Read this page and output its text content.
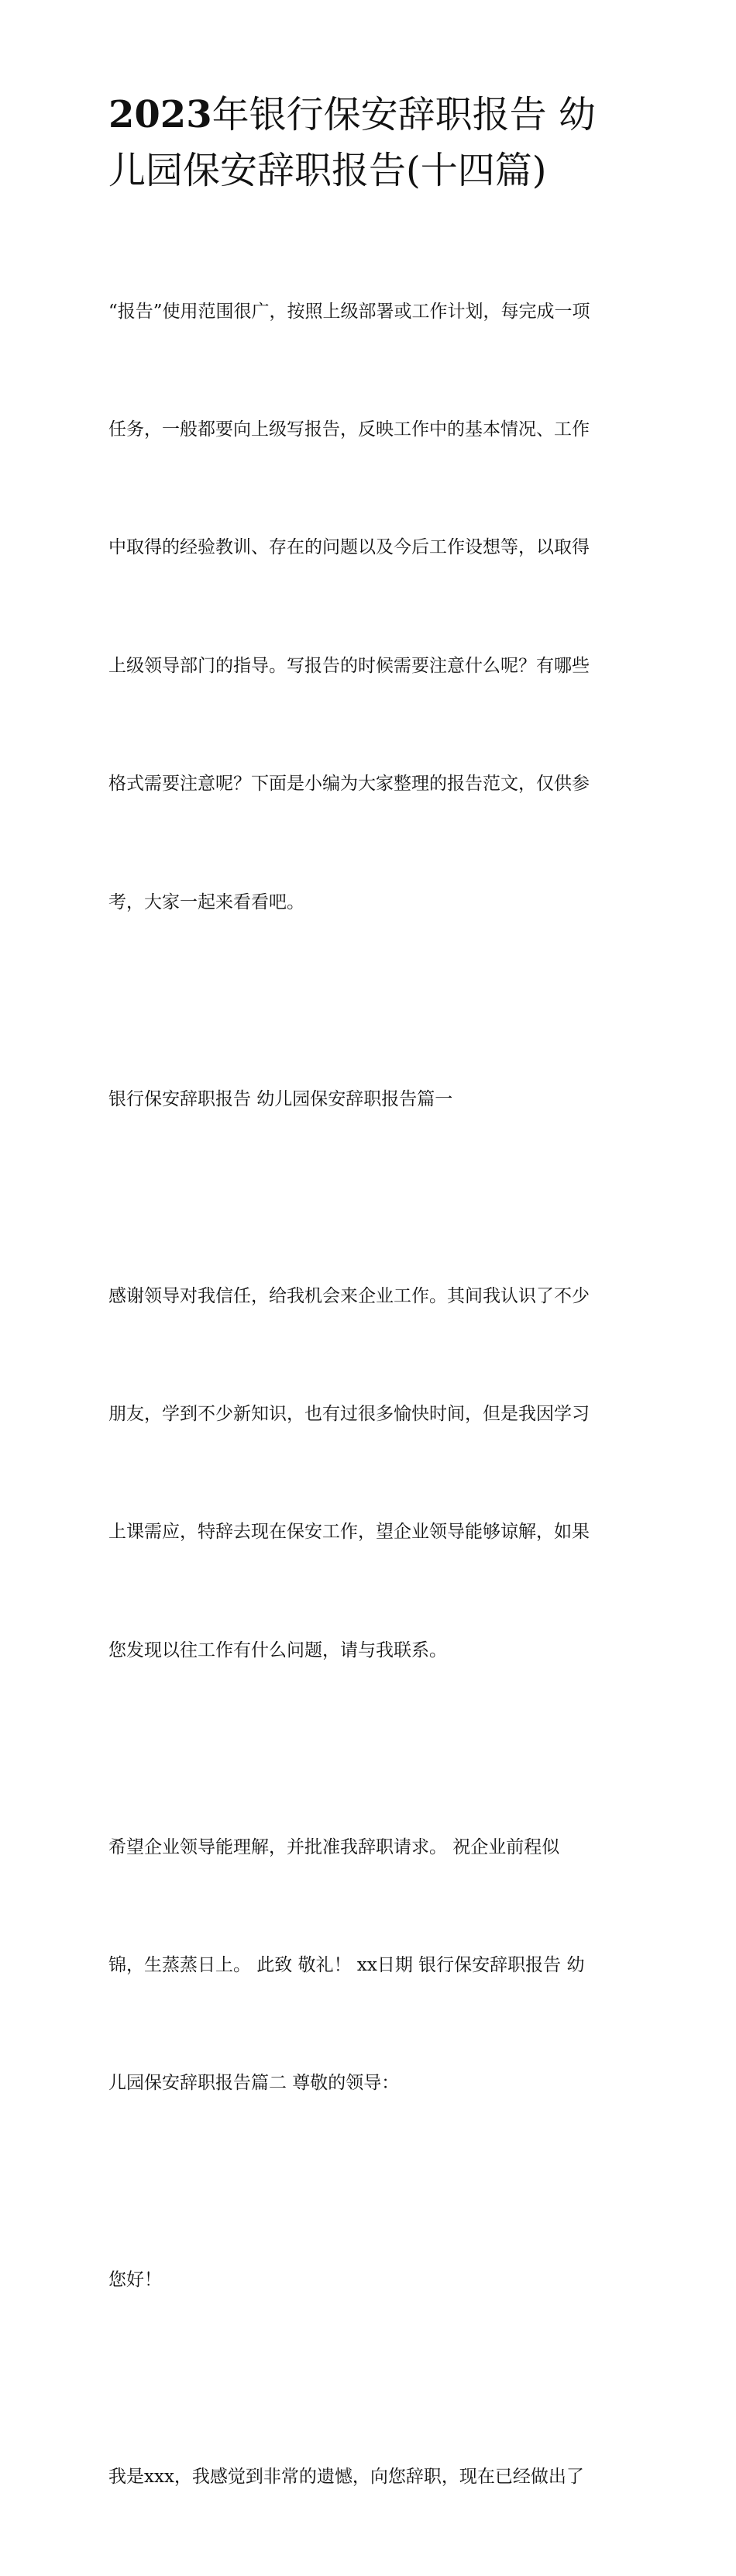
2023年银行保安辞职报告 幼
儿园保安辞职报告(十四篇)

“报告”使用范围很广，按照上级部署或工作计划，每完成一项

任务，一般都要向上级写报告，反映工作中的基本情况、工作

中取得的经验教训、存在的问题以及今后工作设想等，以取得

上级领导部门的指导。写报告的时候需要注意什么呢？有哪些

格式需要注意呢？下面是小编为大家整理的报告范文，仅供参

考，大家一起来看看吧。

银行保安辞职报告 幼儿园保安辞职报告篇一

感谢领导对我信任，给我机会来企业工作。其间我认识了不少

朋友，学到不少新知识，也有过很多愉快时间，但是我因学习

上课需应，特辞去现在保安工作，望企业领导能够谅解，如果

您发现以往工作有什么问题，请与我联系。

希望企业领导能理解，并批准我辞职请求。 祝企业前程似

锦，生蒸蒸日上。 此致 敬礼！ xx日期 银行保安辞职报告 幼

儿园保安辞职报告篇二 尊敬的领导：

您好！

我是xxx，我感觉到非常的遗憾，向您辞职，现在已经做出了
